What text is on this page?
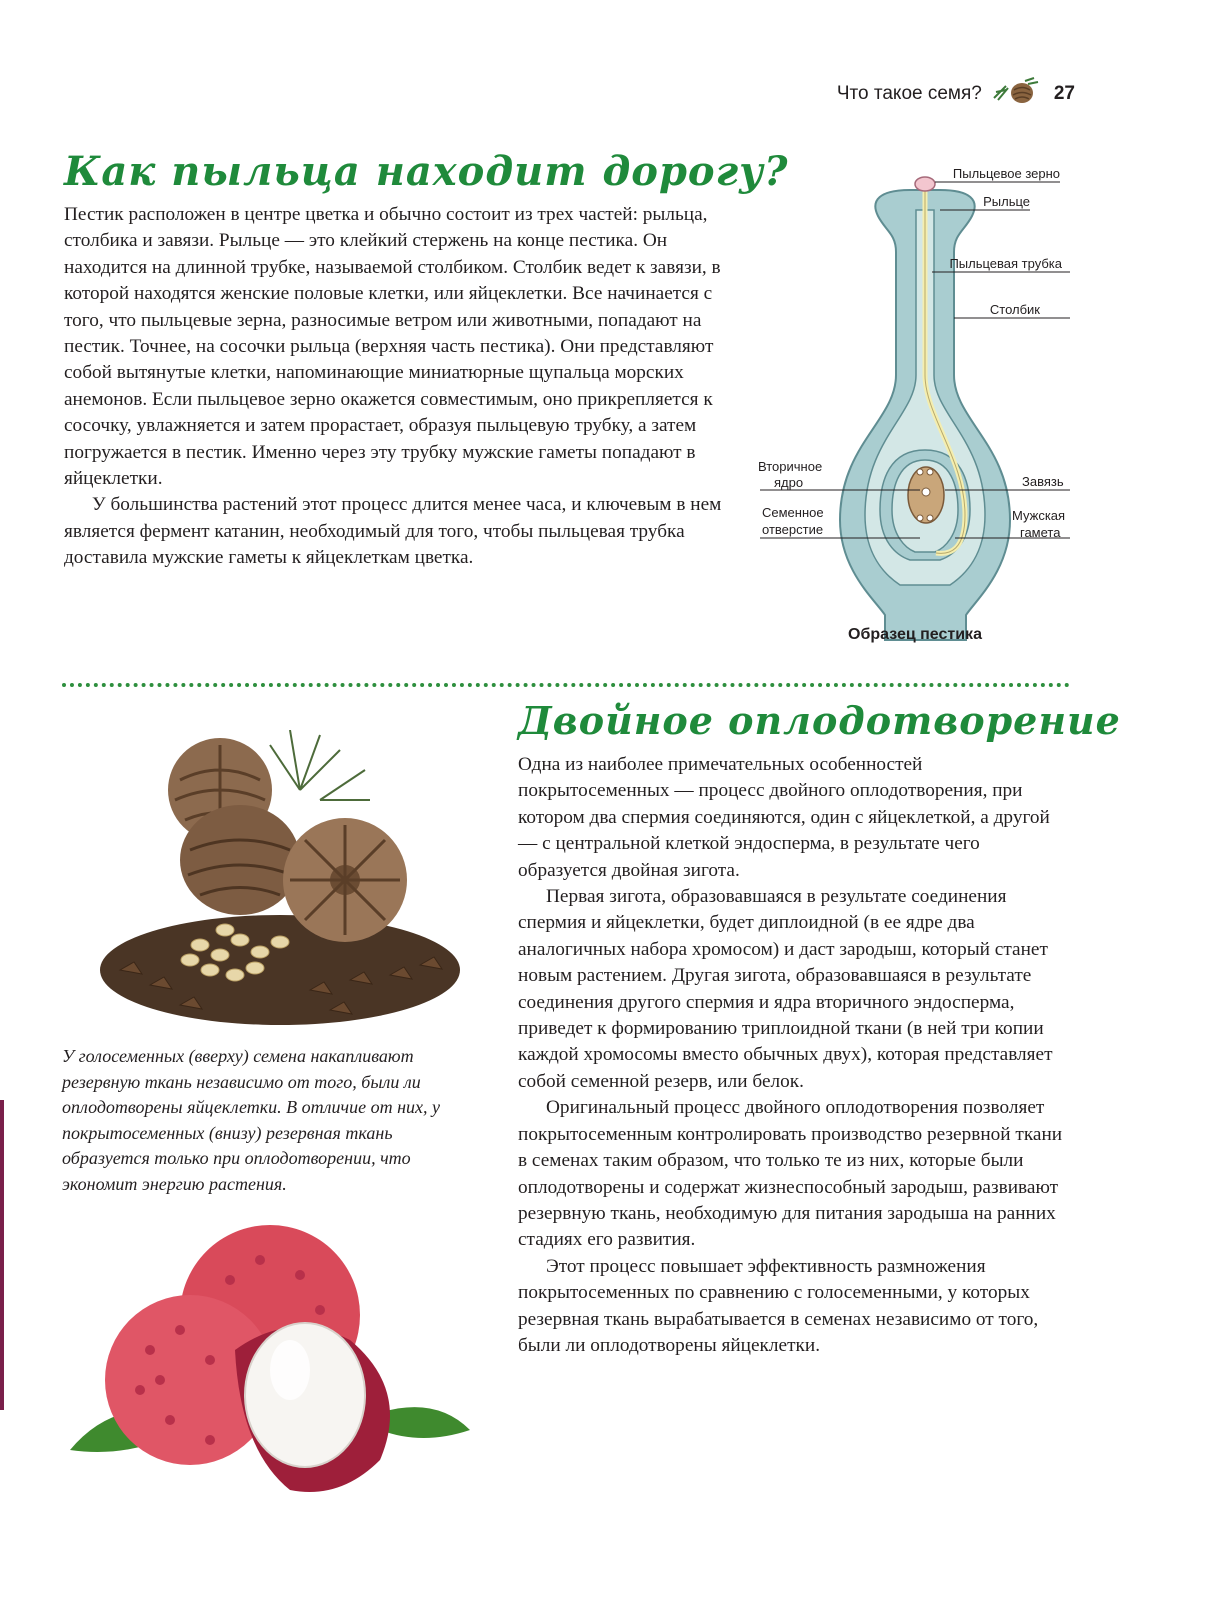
Что такое семя?	27
Как пыльца находит дорогу?

Пестик расположен в центре цветка и обычно состоит из трех частей: рыльца, столбика и завязи. Рыльце — это клейкий стержень на конце пестика. Он находится на длинной трубке, называемой столбиком. Столбик ведет к завязи, в которой находятся женские половые клетки, или яйцеклетки. Все начинается с того, что пыльцевые зерна, разносимые ветром или животными, попадают на пестик. Точнее, на сосочки рыльца (верхняя часть пестика). Они представляют собой вытянутые клетки, напоминающие миниатюрные щупальца морских анемонов. Если пыльцевое зерно окажется совместимым, оно прикрепляется к сосочку, увлажняется и затем прорастает, образуя пыльцевую трубку, а затем погружается в пестик. Именно через эту трубку мужские гаметы попадают в яйцеклетки.

У большинства растений этот процесс длится менее часа, и ключевым в нем является фермент катанин, необходимый для того, чтобы пыльцевая трубка доставила мужские гаметы к яйцеклеткам цветка.

Пыльцевое зерно
Рыльце
Пыльцевая трубка
Столбик
Вторичное
ядро	Завязь
Семенное
отверстие
Мужская
гамета
Образец пестика

У голосеменных (вверху) семена накапливают резервную ткань независимо от того, были ли оплодотворены яйцеклетки. В отличие от них, у покрытосеменных (внизу) резервная ткань образуется только при оплодотворении, что экономит энергию растения.

Двойное оплодотворение

Одна из наиболее примечательных особенностей покрытосеменных — процесс двойного оплодотворения, при котором два спермия соединяются, один с яйцеклеткой, а другой — с центральной клеткой эндосперма, в результате чего образуется двойная зигота.

Первая зигота, образовавшаяся в результате соединения спермия и яйцеклетки, будет диплоидной (в ее ядре два аналогичных набора хромосом) и даст зародыш, который станет новым растением. Другая зигота, образовавшаяся в результате соединения другого спермия и ядра вторичного эндосперма, приведет к формированию триплоидной ткани (в ней три копии каждой хромосомы вместо обычных двух), которая представляет собой семенной резерв, или белок.

Оригинальный процесс двойного оплодотворения позволяет покрытосеменным контролировать производство резервной ткани в семенах таким образом, что только те из них, которые были оплодотворены и содержат жизнеспособный зародыш, развивают резервную ткань, необходимую для питания зародыша на ранних стадиях его развития.

Этот процесс повышает эффективность размножения покрытосеменных по сравнению с голосеменными, у которых резервная ткань вырабатывается в семенах независимо от того, были ли оплодотворены яйцеклетки.
